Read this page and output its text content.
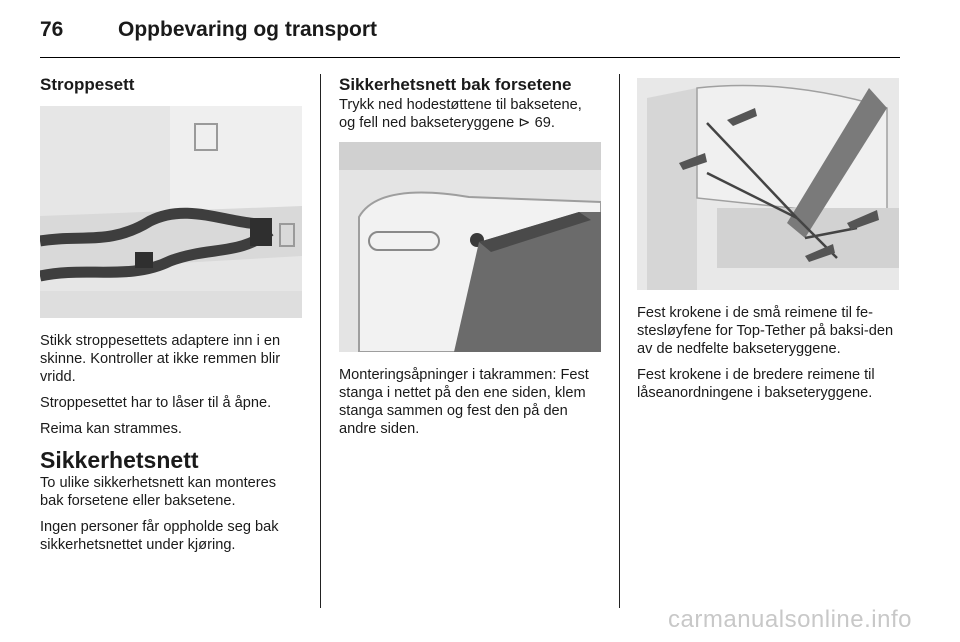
76	Oppbevaring og transport
Stroppesett

Stikk stroppesettets adaptere inn i en skinne. Kontroller at ikke remmen blir vridd.

Stroppesettet har to låser til å åpne.

Reima kan strammes.

Sikkerhetsnett

To ulike sikkerhetsnett kan monteres bak forsetene eller baksetene.

Ingen personer får oppholde seg bak sikkerhetsnettet under kjøring.

Sikkerhetsnett bak forsetene

Trykk ned hodestøttene til baksetene, og fell ned bakseteryggene ⊳ 69.

Monteringsåpninger i takrammen: Fest stanga i nettet på den ene siden, klem stanga sammen og fest den på den andre siden.

Fest krokene i de små reimene til fe-stesløyfene for Top-Tether på baksi-den av de nedfelte bakseteryggene.

Fest krokene i de bredere reimene til låseanordningene i bakseteryggene.

carmanualsonline.info
